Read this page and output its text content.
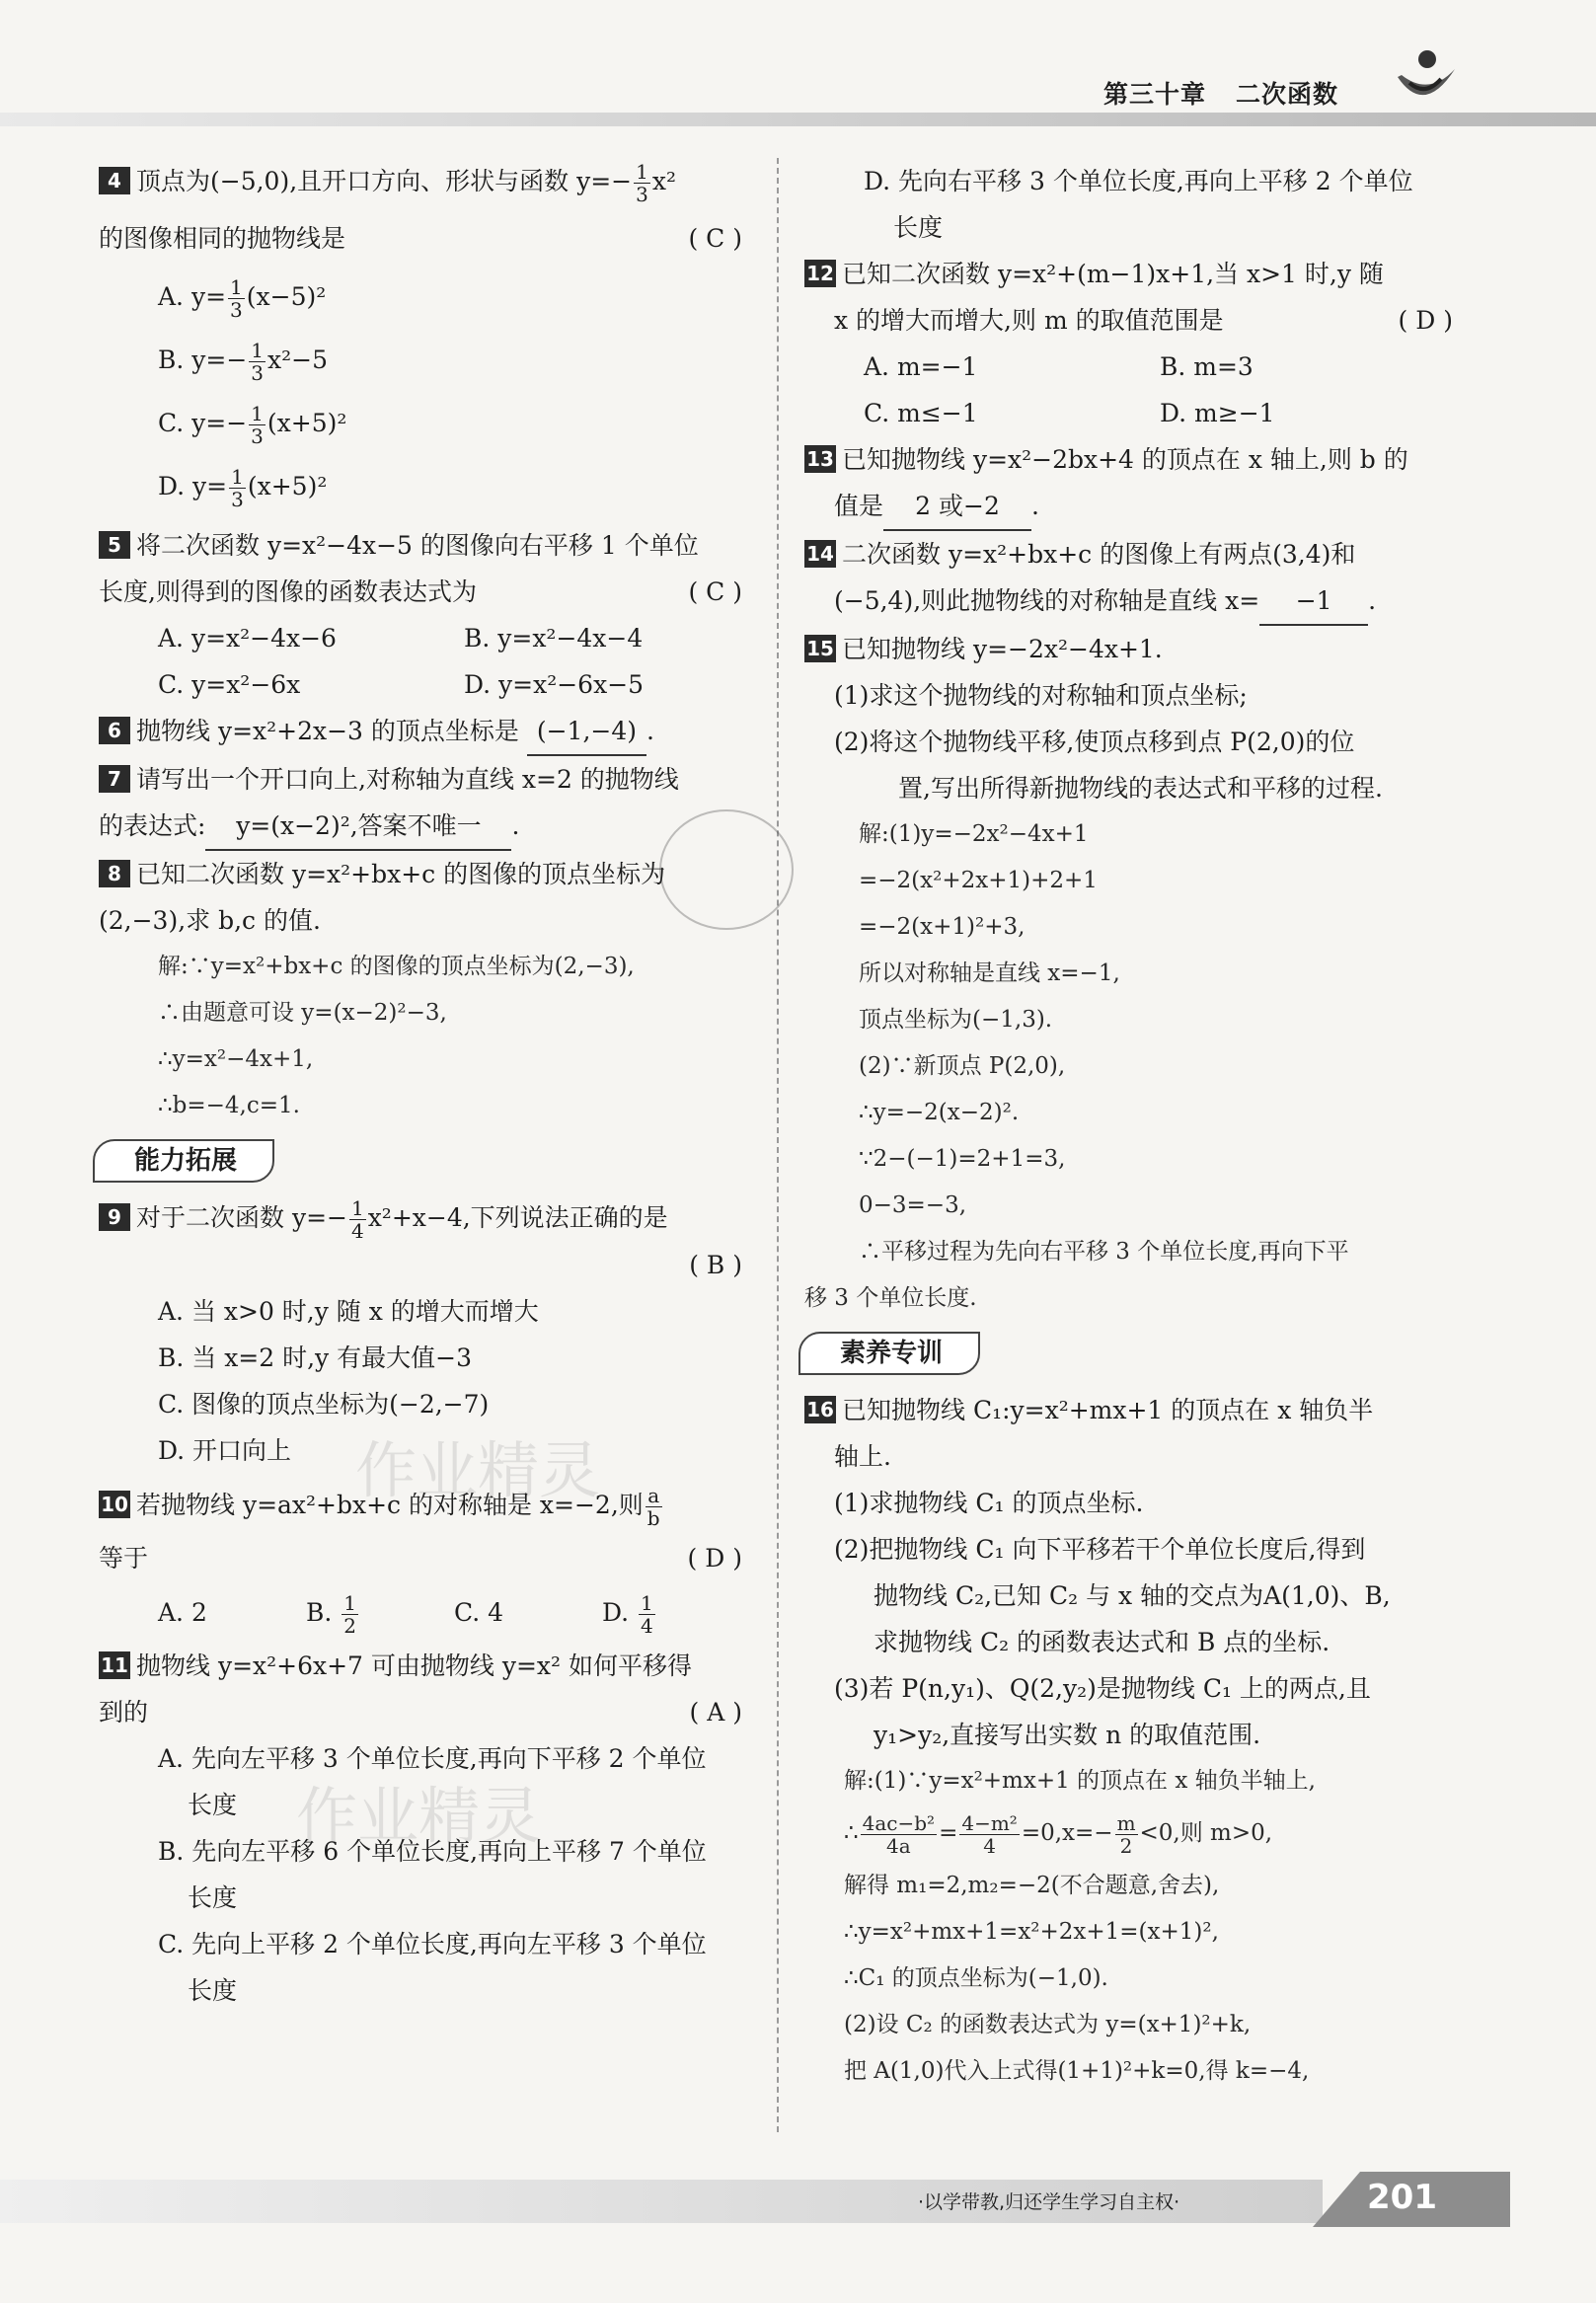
第三十章 二次函数
作业精灵
作业精灵
4 顶点为(−5,0),且开口方向、形状与函数 $y=- \frac{1}{3} x^2$
的图像相同的抛物线是	( C )
A. $y= \frac{1}{3} (x-5)^2$
B. $y=- \frac{1}{3} x^2-5$
C. $y=- \frac{1}{3} (x+5)^2$
D. $y= \frac{1}{3} (x+5)^2$
5 将二次函数 y=x²−4x−5 的图像向右平移 1 个单位
长度,则得到的图像的函数表达式为	( C )
A. y=x²−4x−6	B. y=x²−4x−4
C. y=x²−6x	D. y=x²−6x−5
6 抛物线 y=x²+2x−3 的顶点坐标是 (−1,−4) .
7 请写出一个开口向上,对称轴为直线 x=2 的抛物线
的表达式: y=(x−2)²,答案不唯一 .
8 已知二次函数 y=x²+bx+c 的图像的顶点坐标为
(2,−3),求 b,c 的值.
解:∵y=x²+bx+c 的图像的顶点坐标为(2,−3),
∴由题意可设 y=(x−2)²−3,
∴y=x²−4x+1,
∴b=−4,c=1.
能力拓展
9 对于二次函数 $y=- \frac{1}{4} x^2+x-4$,下列说法正确的是
( B )
A. 当 x>0 时,y 随 x 的增大而增大
B. 当 x=2 时,y 有最大值−3
C. 图像的顶点坐标为(−2,−7)
D. 开口向上
10 若抛物线 y=ax²+bx+c 的对称轴是 x=−2,则 $\frac{a}{b}$
等于	( D )
A. 2	B. $\frac{1}{2}$	C. 4	D. $\frac{1}{4}$
11 抛物线 y=x²+6x+7 可由抛物线 y=x² 如何平移得
到的	( A )
A. 先向左平移 3 个单位长度,再向下平移 2 个单位
长度
B. 先向左平移 6 个单位长度,再向上平移 7 个单位
长度
C. 先向上平移 2 个单位长度,再向左平移 3 个单位
长度
D. 先向右平移 3 个单位长度,再向上平移 2 个单位
长度
12 已知二次函数 y=x²+(m−1)x+1,当 x>1 时,y 随
x 的增大而增大,则 m 的取值范围是	( D )
A. m=−1	B. m=3
C. m≤−1	D. m≥−1
13 已知抛物线 y=x²−2bx+4 的顶点在 x 轴上,则 b 的
值是 2 或−2 .
14 二次函数 y=x²+bx+c 的图像上有两点(3,4)和
(−5,4),则此抛物线的对称轴是直线 x= −1 .
15 已知抛物线 y=−2x²−4x+1.
(1)求这个抛物线的对称轴和顶点坐标;
(2)将这个抛物线平移,使顶点移到点 P(2,0)的位
置,写出所得新抛物线的表达式和平移的过程.
解:(1)y=−2x²−4x+1
=−2(x²+2x+1)+2+1
=−2(x+1)²+3,
所以对称轴是直线 x=−1,
顶点坐标为(−1,3).
(2)∵新顶点 P(2,0),
∴y=−2(x−2)².
∵2−(−1)=2+1=3,
0−3=−3,
∴平移过程为先向右平移 3 个单位长度,再向下平
移 3 个单位长度.
素养专训
16 已知抛物线 C₁:y=x²+mx+1 的顶点在 x 轴负半
轴上.
(1)求抛物线 C₁ 的顶点坐标.
(2)把抛物线 C₁ 向下平移若干个单位长度后,得到
抛物线 C₂,已知 C₂ 与 x 轴的交点为A(1,0)、B,
求抛物线 C₂ 的函数表达式和 B 点的坐标.
(3)若 P(n,y₁)、Q(2,y₂)是抛物线 C₁ 上的两点,且
y₁>y₂,直接写出实数 n 的取值范围.
解:(1)∵y=x²+mx+1 的顶点在 x 轴负半轴上,
∴ $\frac{\text{4ac−b²}}{4a} = \frac{\text{4−m²}}{4} =0,x=- \frac{m}{2} <0$,则 m>0,
解得 m₁=2,m₂=−2(不合题意,舍去),
∴y=x²+mx+1=x²+2x+1=(x+1)²,
∴C₁ 的顶点坐标为(−1,0).
(2)设 C₂ 的函数表达式为 y=(x+1)²+k,
把 A(1,0)代入上式得(1+1)²+k=0,得 k=−4,
·以学带教,归还学生学习自主权·	201
